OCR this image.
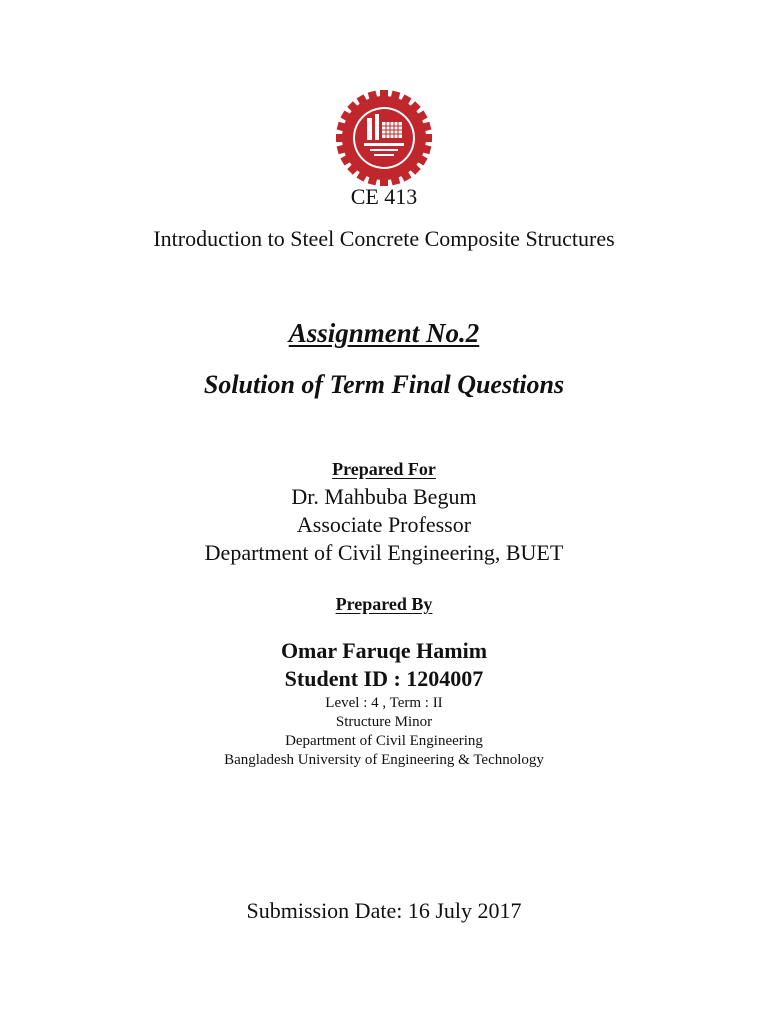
CE 413
Introduction to Steel Concrete Composite Structures
Assignment No.2
Solution of Term Final Questions
Prepared For
Dr. Mahbuba Begum
Associate Professor
Department of Civil Engineering, BUET
Prepared By
Omar Faruqe Hamim
Student ID : 1204007
Level : 4 , Term : II
Structure Minor
Department of Civil Engineering
Bangladesh University of Engineering & Technology
Submission Date: 16 July 2017
